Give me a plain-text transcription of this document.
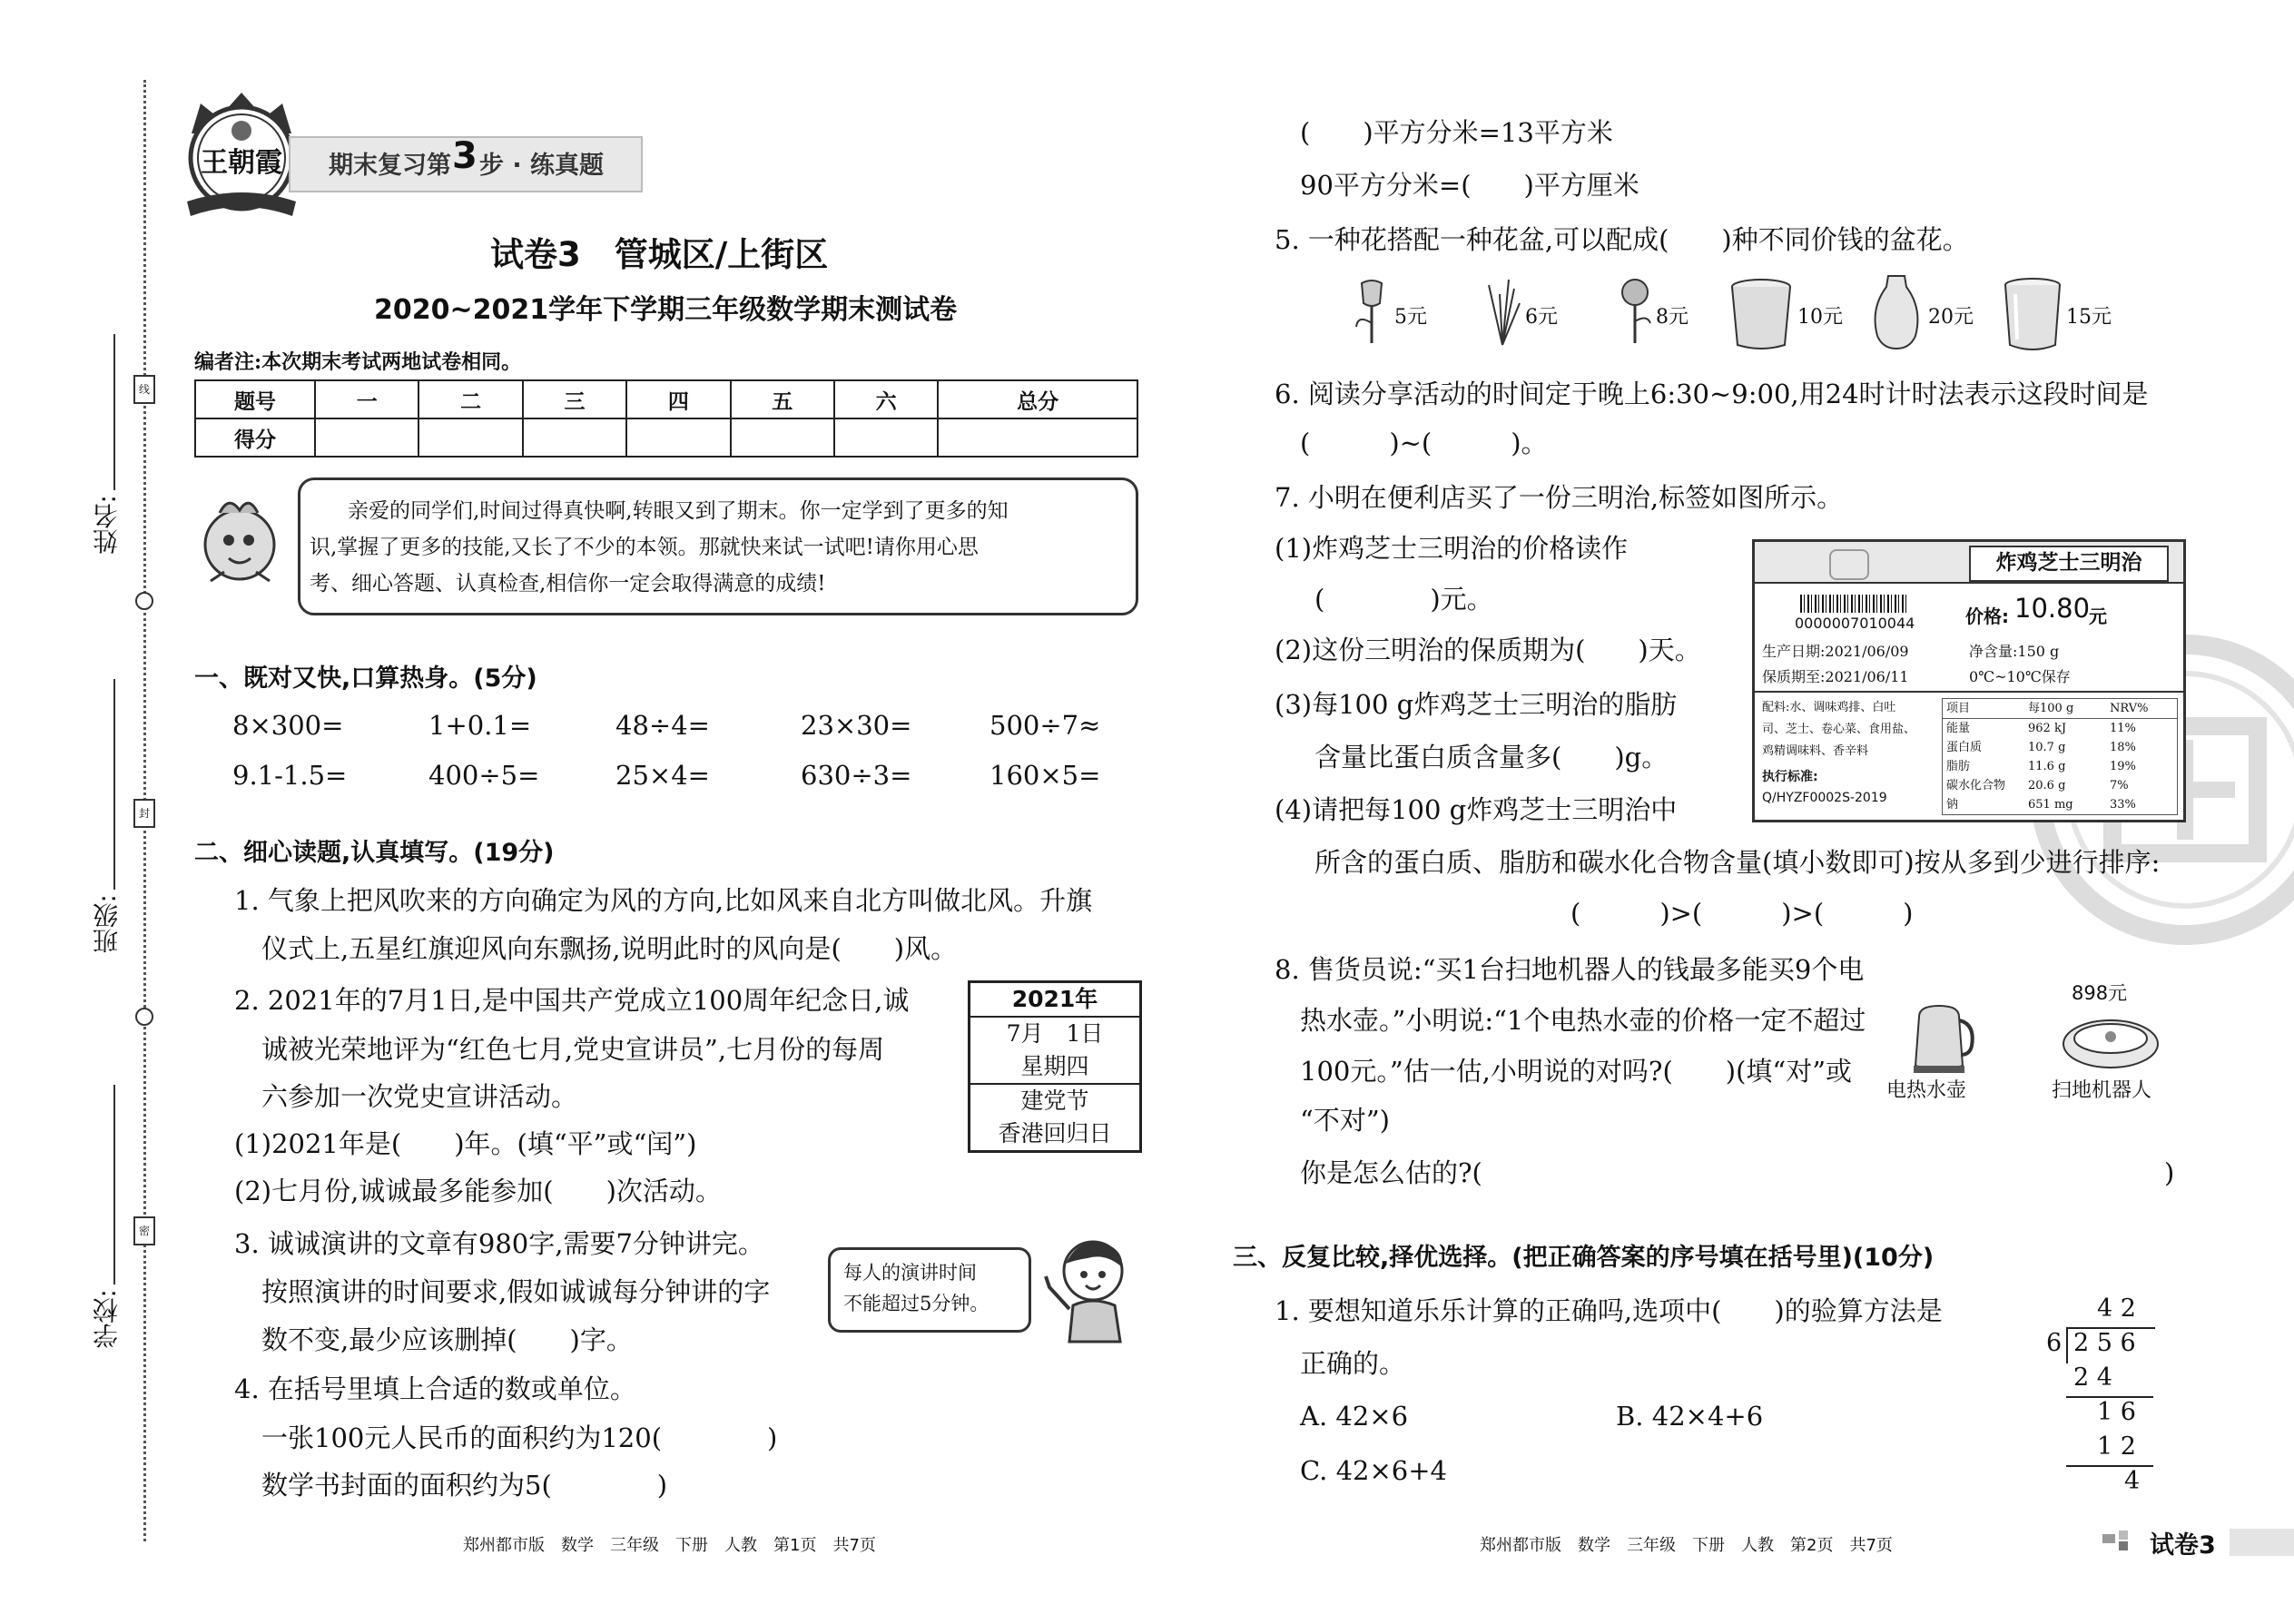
线
封
密
姓名:
班级:
学校:
王朝霞	期末复习第 3 步 · 练真题
试卷3　管城区/上街区
2020~2021学年下学期三年级数学期末测试卷
编者注:本次期末考试两地试卷相同。
题号	一	二	三	四	五	六	总分
得分							
亲爱的同学们,时间过得真快啊,转眼又到了期末。你一定学到了更多的知
识,掌握了更多的技能,又长了不少的本领。那就快来试一试吧!请你用心思
考、细心答题、认真检查,相信你一定会取得满意的成绩!
一、既对又快,口算热身。(5分)
8×300=	1+0.1=	48÷4=	23×30=	500÷7≈
9.1-1.5=	400÷5=	25×4=	630÷3=	160×5=
二、细心读题,认真填写。(19分)
1. 气象上把风吹来的方向确定为风的方向,比如风来自北方叫做北风。升旗
仪式上,五星红旗迎风向东飘扬,说明此时的风向是(　　)风。
2. 2021年的7月1日,是中国共产党成立100周年纪念日,诚
诚被光荣地评为“红色七月,党史宣讲员”,七月份的每周
六参加一次党史宣讲活动。
(1)2021年是(　　)年。(填“平”或“闰”)
(2)七月份,诚诚最多能参加(　　)次活动。
2021年
7月　1日
星期四
建党节
香港回归日
3. 诚诚演讲的文章有980字,需要7分钟讲完。
按照演讲的时间要求,假如诚诚每分钟讲的字
数不变,最少应该删掉(　　)字。
每人的演讲时间
不能超过5分钟。
4. 在括号里填上合适的数或单位。
一张100元人民币的面积约为120(　　　　)
数学书封面的面积约为5(　　　　)
郑州都市版　数学　三年级　下册　人教　第1页　共7页
(　　)平方分米=13平方米
90平方分米=(　　)平方厘米
5. 一种花搭配一种花盆,可以配成(　　)种不同价钱的盆花。
5元	6元	8元	10元	20元	15元
6. 阅读分享活动的时间定于晚上6:30~9:00,用24时计时法表示这段时间是
(　　　)~(　　　)。
7. 小明在便利店买了一份三明治,标签如图所示。
(1)炸鸡芝士三明治的价格读作
(　　　　)元。
(2)这份三明治的保质期为(　　)天。
(3)每100 g炸鸡芝士三明治的脂肪
含量比蛋白质含量多(　　)g。
(4)请把每100 g炸鸡芝士三明治中
所含的蛋白质、脂肪和碳水化合物含量(填小数即可)按从多到少进行排序:
(　　　)>(　　　)>(　　　)
炸鸡芝士三明治
0000007010044	价格: 10.80
元
生产日期:2021/06/09	净含量:150 g
保质期至:2021/06/11	0℃~10℃保存
配料:水、调味鸡排、白吐
司、芝士、卷心菜、食用盐、
鸡精调味料、香辛料
执行标准:
Q/HYZF0002S-2019
项目	每100 g	NRV%
能量	962 kJ	11%
蛋白质	10.7 g	18%
脂肪	11.6 g	19%
碳水化合物	20.6 g	7%
钠	651 mg	33%
8. 售货员说:“买1台扫地机器人的钱最多能买9个电
热水壶。”小明说:“1个电热水壶的价格一定不超过
100元。”估一估,小明说的对吗?(　　)(填“对”或
“不对”)
你是怎么估的?(	)
898元
电热水壶	扫地机器人
三、反复比较,择优选择。(把正确答案的序号填在括号里)(10分)
1. 要想知道乐乐计算的正确吗,选项中(　　)的验算方法是
正确的。
A. 42×6	B. 42×4+6
C. 42×6+4
4 2
6 2 5 6
2 4
1 6
1 2
4
郑州都市版　数学　三年级　下册　人教　第2页　共7页	试卷3
